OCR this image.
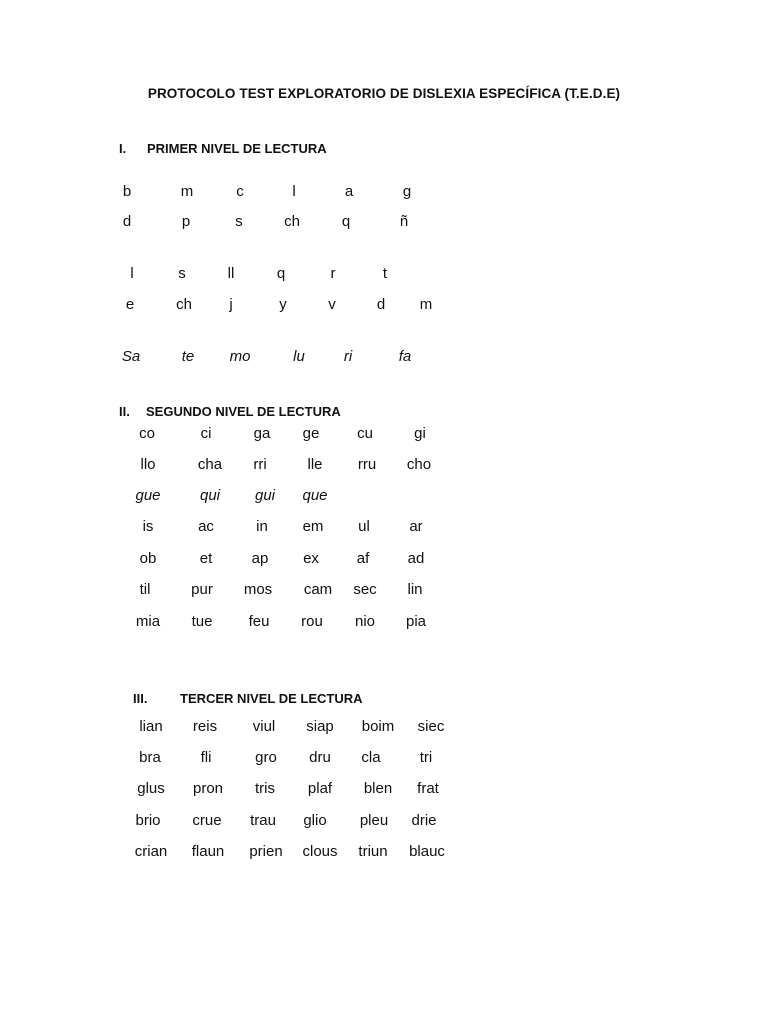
PROTOCOLO TEST EXPLORATORIO DE DISLEXIA ESPECÍFICA (T.E.D.E)
I. PRIMER NIVEL DE LECTURA
b	m	c	l	a	g
d	p	s	ch	q	ñ
l	s	ll	q	r	t
e	ch j	y	v	d m
Sa	te mo	lu	ri	fa
II. SEGUNDO NIVEL DE LECTURA
co	ci	ga ge	cu	gi
llo	cha rri	lle rru cho
gue	qui gui que
is	ac	in em ul	ar
ob	et	ap ex	af	ad
til	pur mos cam sec lin
mia tue feu rou nio pia
III.	TERCER NIVEL DE LECTURA
lian reis viul siap boim siec
bra	fli	gro dru cla	tri
glus pron tris plaf blen frat
brio crue trau glio pleu drie
crian flaun prien clous triun blauc
